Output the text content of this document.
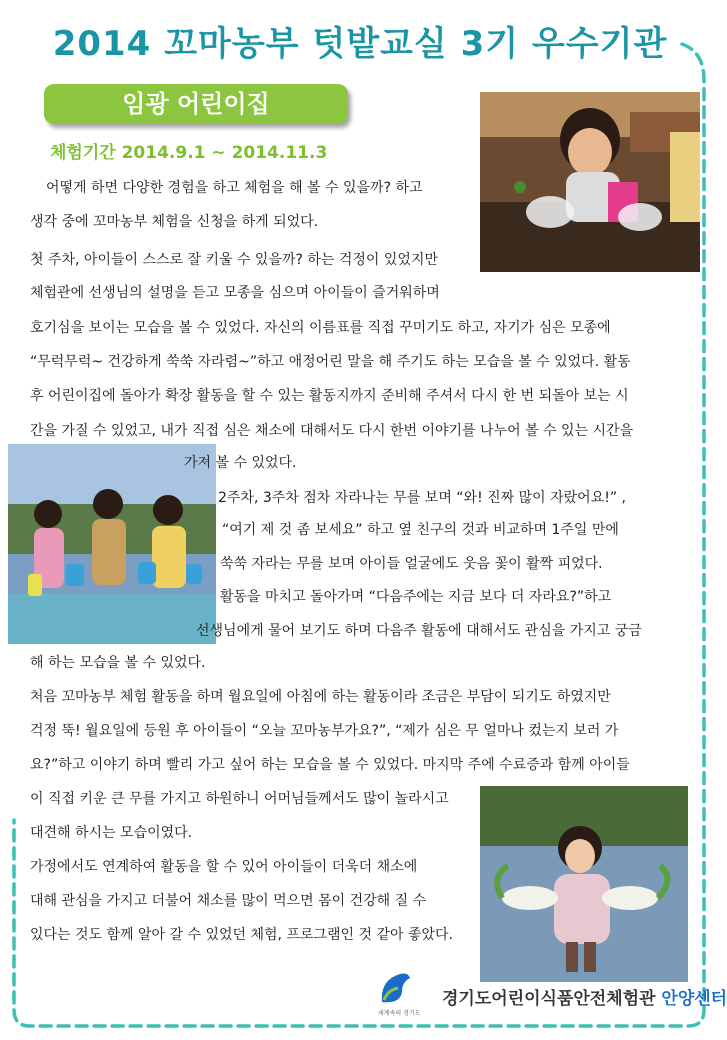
2014 꼬마농부 텃밭교실 3기 우수기관
임광 어린이집
체험기간 2014.9.1 ~ 2014.11.3
어떻게 하면 다양한 경험을 하고 체험을 해 볼 수 있을까? 하고
생각 중에 꼬마농부 체험을 신청을 하게 되었다.
첫 주차, 아이들이 스스로 잘 키울 수 있을까? 하는 걱정이 있었지만
체험관에 선생님의 설명을 듣고 모종을 심으며 아이들이 즐거워하며
호기심을 보이는 모습을 볼 수 있었다. 자신의 이름표를 직접 꾸미기도 하고, 자기가 심은 모종에
“무럭무럭~ 건강하게 쑥쑥 자라렴~”하고 애정어린 말을 해 주기도 하는 모습을 볼 수 있었다. 활동
후 어린이집에 돌아가 확장 활동을 할 수 있는 활동지까지 준비해 주셔서 다시 한 번 되돌아 보는 시
간을 가질 수 있었고, 내가 직접 심은 채소에 대해서도 다시 한번 이야기를 나누어 볼 수 있는 시간을
가져 볼 수 있었다.
2주차, 3주차 점차 자라나는 무를 보며 “와! 진짜 많이 자랐어요!” ,
“여기 제 것 좀 보세요” 하고 옆 친구의 것과 비교하며 1주일 만에
쑥쑥 자라는 무를 보며 아이들 얼굴에도 웃음 꽃이 활짝 피었다.
활동을 마치고 돌아가며 “다음주에는 지금 보다 더 자라요?”하고
선생님에게 물어 보기도 하며 다음주 활동에 대해서도 관심을 가지고 궁금
해 하는 모습을 볼 수 있었다.
처음 꼬마농부 체험 활동을 하며 월요일에 아침에 하는 활동이라 조금은 부담이 되기도 하였지만
걱정 뚝! 월요일에 등원 후 아이들이 “오늘 꼬마농부가요?”, “제가 심은 무 얼마나 컸는지 보러 가
요?”하고 이야기 하며 빨리 가고 싶어 하는 모습을 볼 수 있었다. 마지막 주에 수료증과 함께 아이들
이 직접 키운 큰 무를 가지고 하원하니 어머님들께서도 많이 놀라시고
대견해 하시는 모습이였다.
가정에서도 연계하여 활동을 할 수 있어 아이들이 더욱더 채소에
대해 관심을 가지고 더불어 채소를 많이 먹으면 몸이 건강해 질 수
있다는 것도 함께 알아 갈 수 있었던 체험, 프로그램인 것 같아 좋았다.
세계속의 경기도
경기도어린이식품안전체험관 안양센터
